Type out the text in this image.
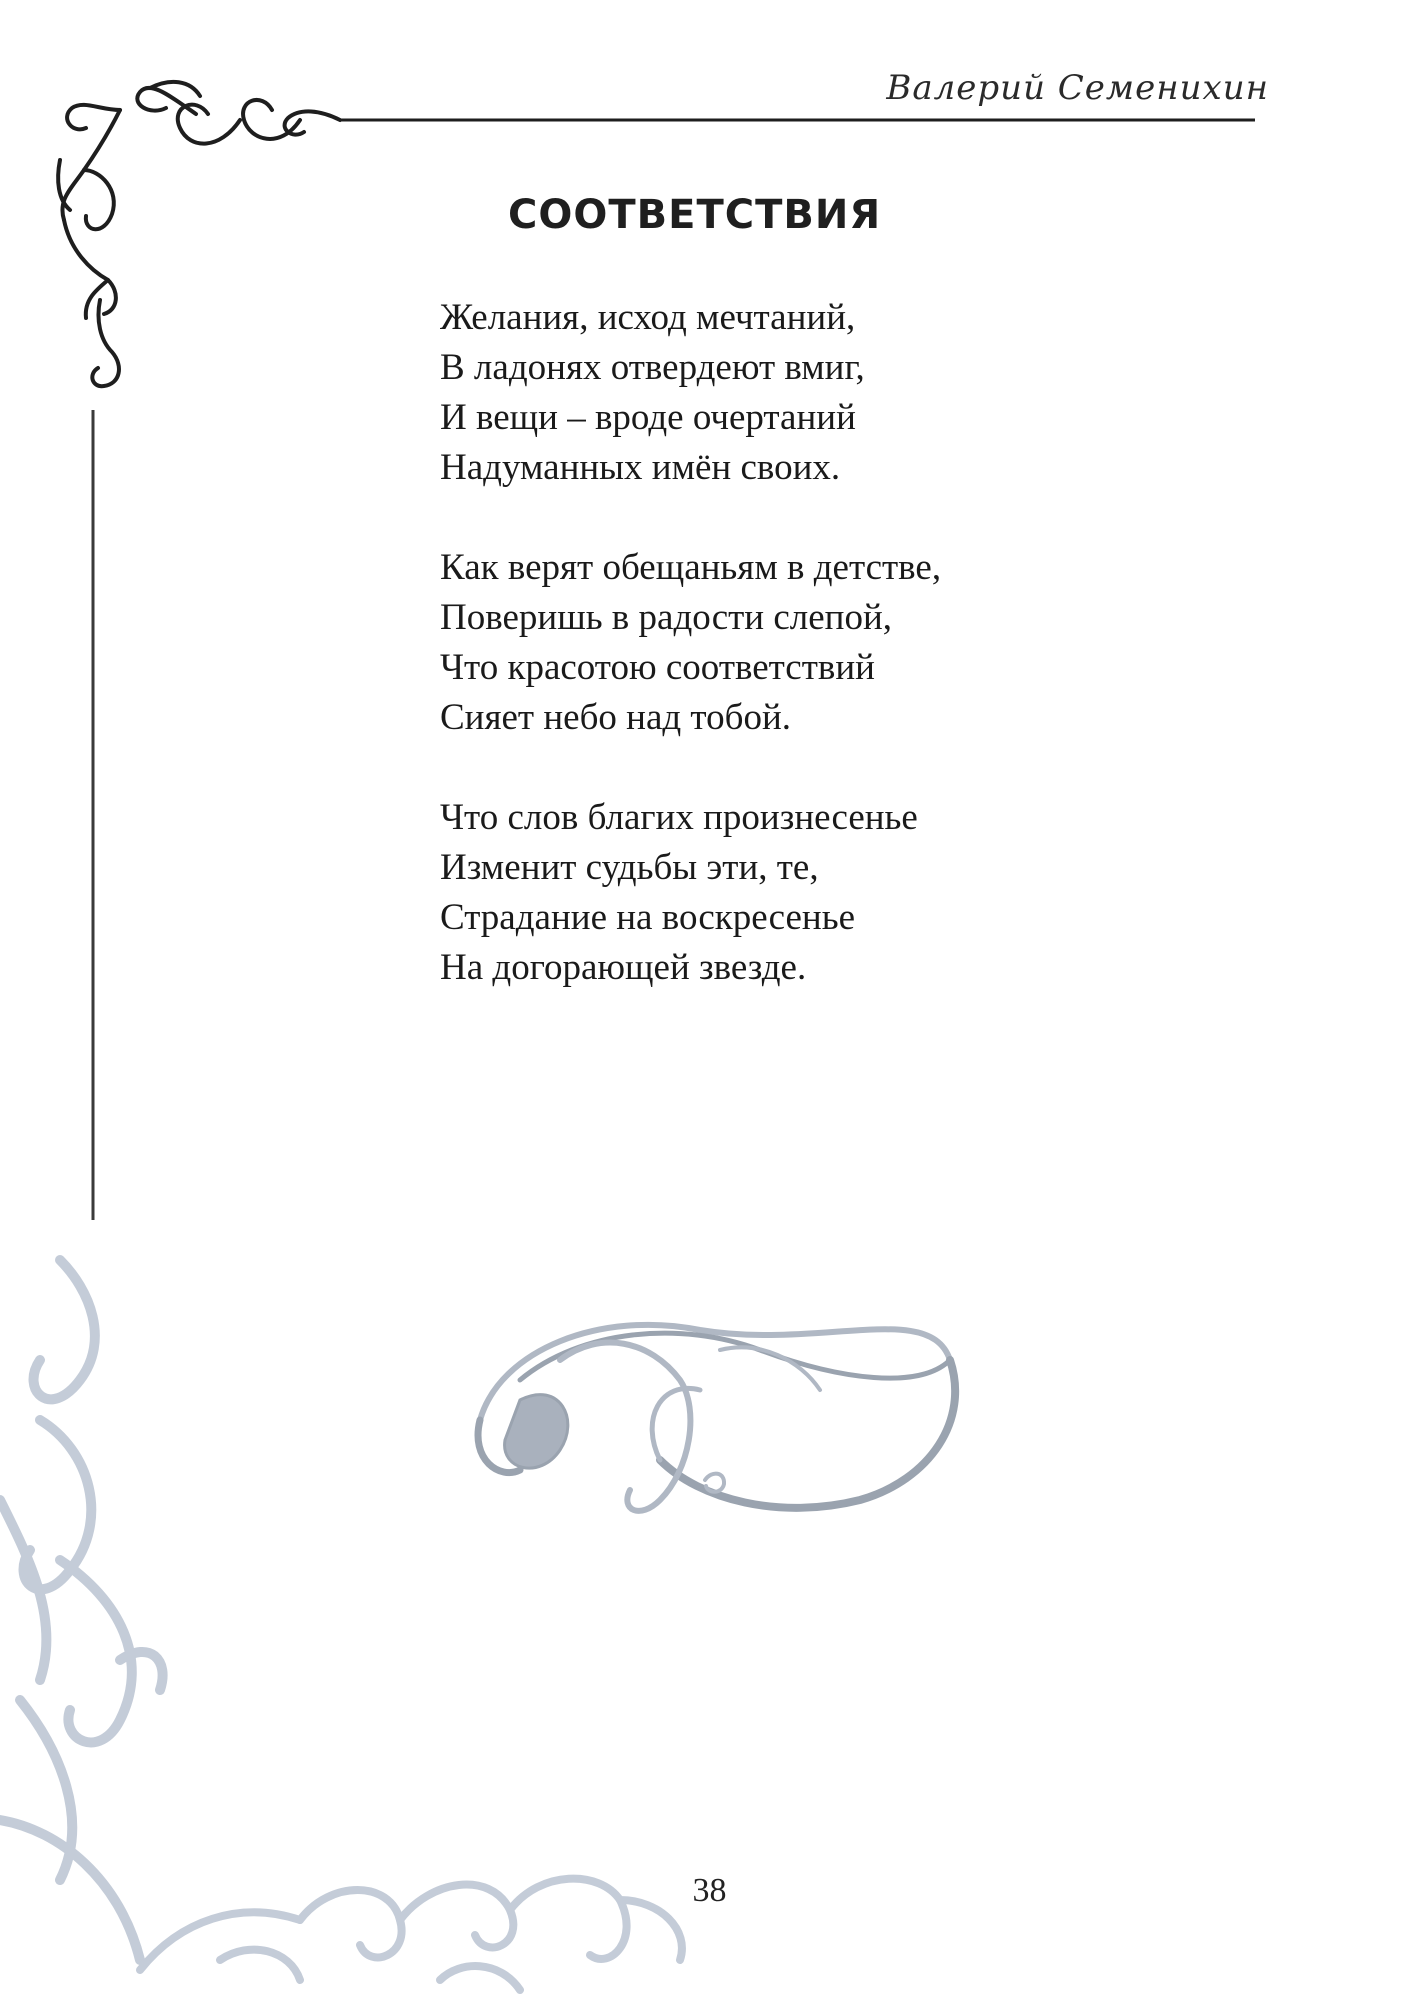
Валерий Семенихин
СООТВЕТСТВИЯ
Желания, исход мечтаний,
В ладонях отвердеют вмиг,
И вещи – вроде очертаний
Надуманных имён своих.
Как верят обещаньям в детстве,
Поверишь в радости слепой,
Что красотою соответствий
Сияет небо над тобой.
Что слов благих произнесенье
Изменит судьбы эти, те,
Страдание на воскресенье
На догорающей звезде.
38
